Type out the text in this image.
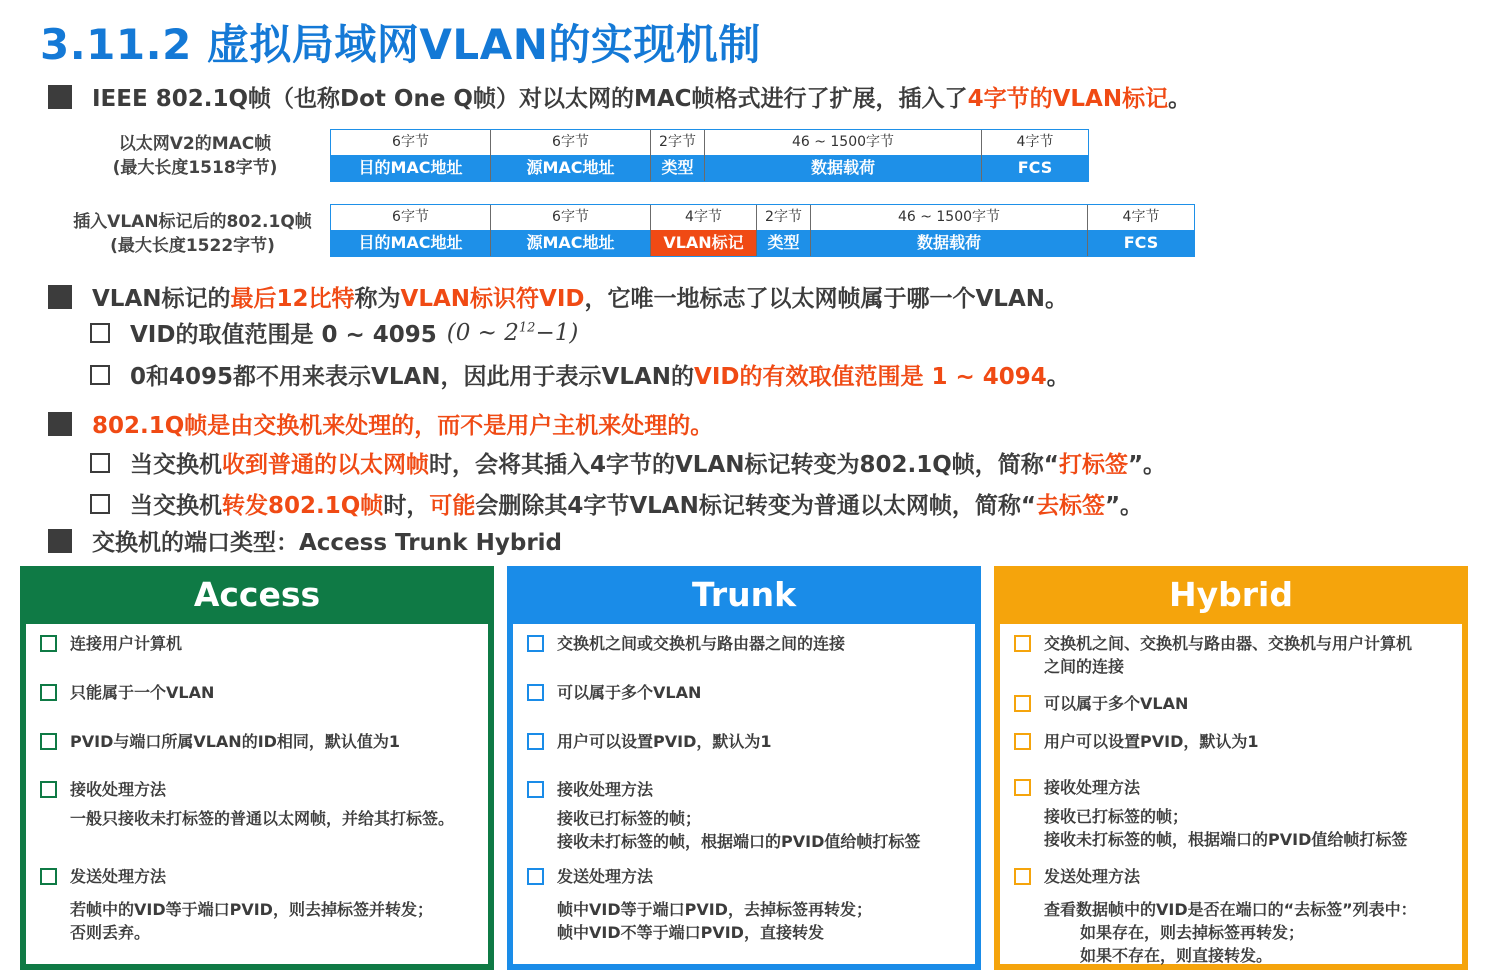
3.11.2 虚拟局域网VLAN的实现机制
IEEE 802.1Q帧（也称Dot One Q帧）对以太网的MAC帧格式进行了扩展，插入了 4字节的VLAN标记 。
以太网V2的MAC帧
(最大长度1518字节)
6字节
目的MAC地址
6字节
源MAC地址
2字节
类型
46 ~ 1500字节
数据载荷
4字节
FCS
插入VLAN标记后的802.1Q帧
(最大长度1522字节)
6字节
目的MAC地址
6字节
源MAC地址
4字节
VLAN标记
2字节
类型
46 ~ 1500字节
数据载荷
4字节
FCS
VLAN标记的 最后12比特 称为 VLAN标识符VID ，它唯一地标志了以太网帧属于哪一个VLAN。
VID的取值范围是 0 ~ 4095 (0 ~ $2^{12}-1$)
0和4095都不用来表示VLAN，因此用于表示VLAN的 VID的有效取值范围是 1 ~ 4094 。
802.1Q帧是由交换机来处理的，而不是用户主机来处理的。
当交换机 收到普通的以太网帧 时，会将其插入4字节的VLAN标记转变为802.1Q帧，简称“ 打标签 ”。
当交换机 转发802.1Q帧 时， 可能 会删除其4字节VLAN标记转变为普通以太网帧，简称“ 去标签 ”。
交换机的端口类型：Access Trunk Hybrid
Access
连接用户计算机
只能属于一个VLAN
PVID与端口所属VLAN的ID相同，默认值为1
接收处理方法
一般只接收未打标签的普通以太网帧，并给其打标签。
发送处理方法
若帧中的VID等于端口PVID，则去掉标签并转发；
否则丢弃。
Trunk
交换机之间或交换机与路由器之间的连接
可以属于多个VLAN
用户可以设置PVID，默认为1
接收处理方法
接收已打标签的帧；
接收未打标签的帧，根据端口的PVID值给帧打标签
发送处理方法
帧中VID等于端口PVID，去掉标签再转发；
帧中VID不等于端口PVID，直接转发
Hybrid
交换机之间、交换机与路由器、交换机与用户计算机
之间的连接
可以属于多个VLAN
用户可以设置PVID，默认为1
接收处理方法
接收已打标签的帧；
接收未打标签的帧，根据端口的PVID值给帧打标签
发送处理方法
查看数据帧中的VID是否在端口的“去标签”列表中：
如果存在，则去掉标签再转发；
如果不存在，则直接转发。
